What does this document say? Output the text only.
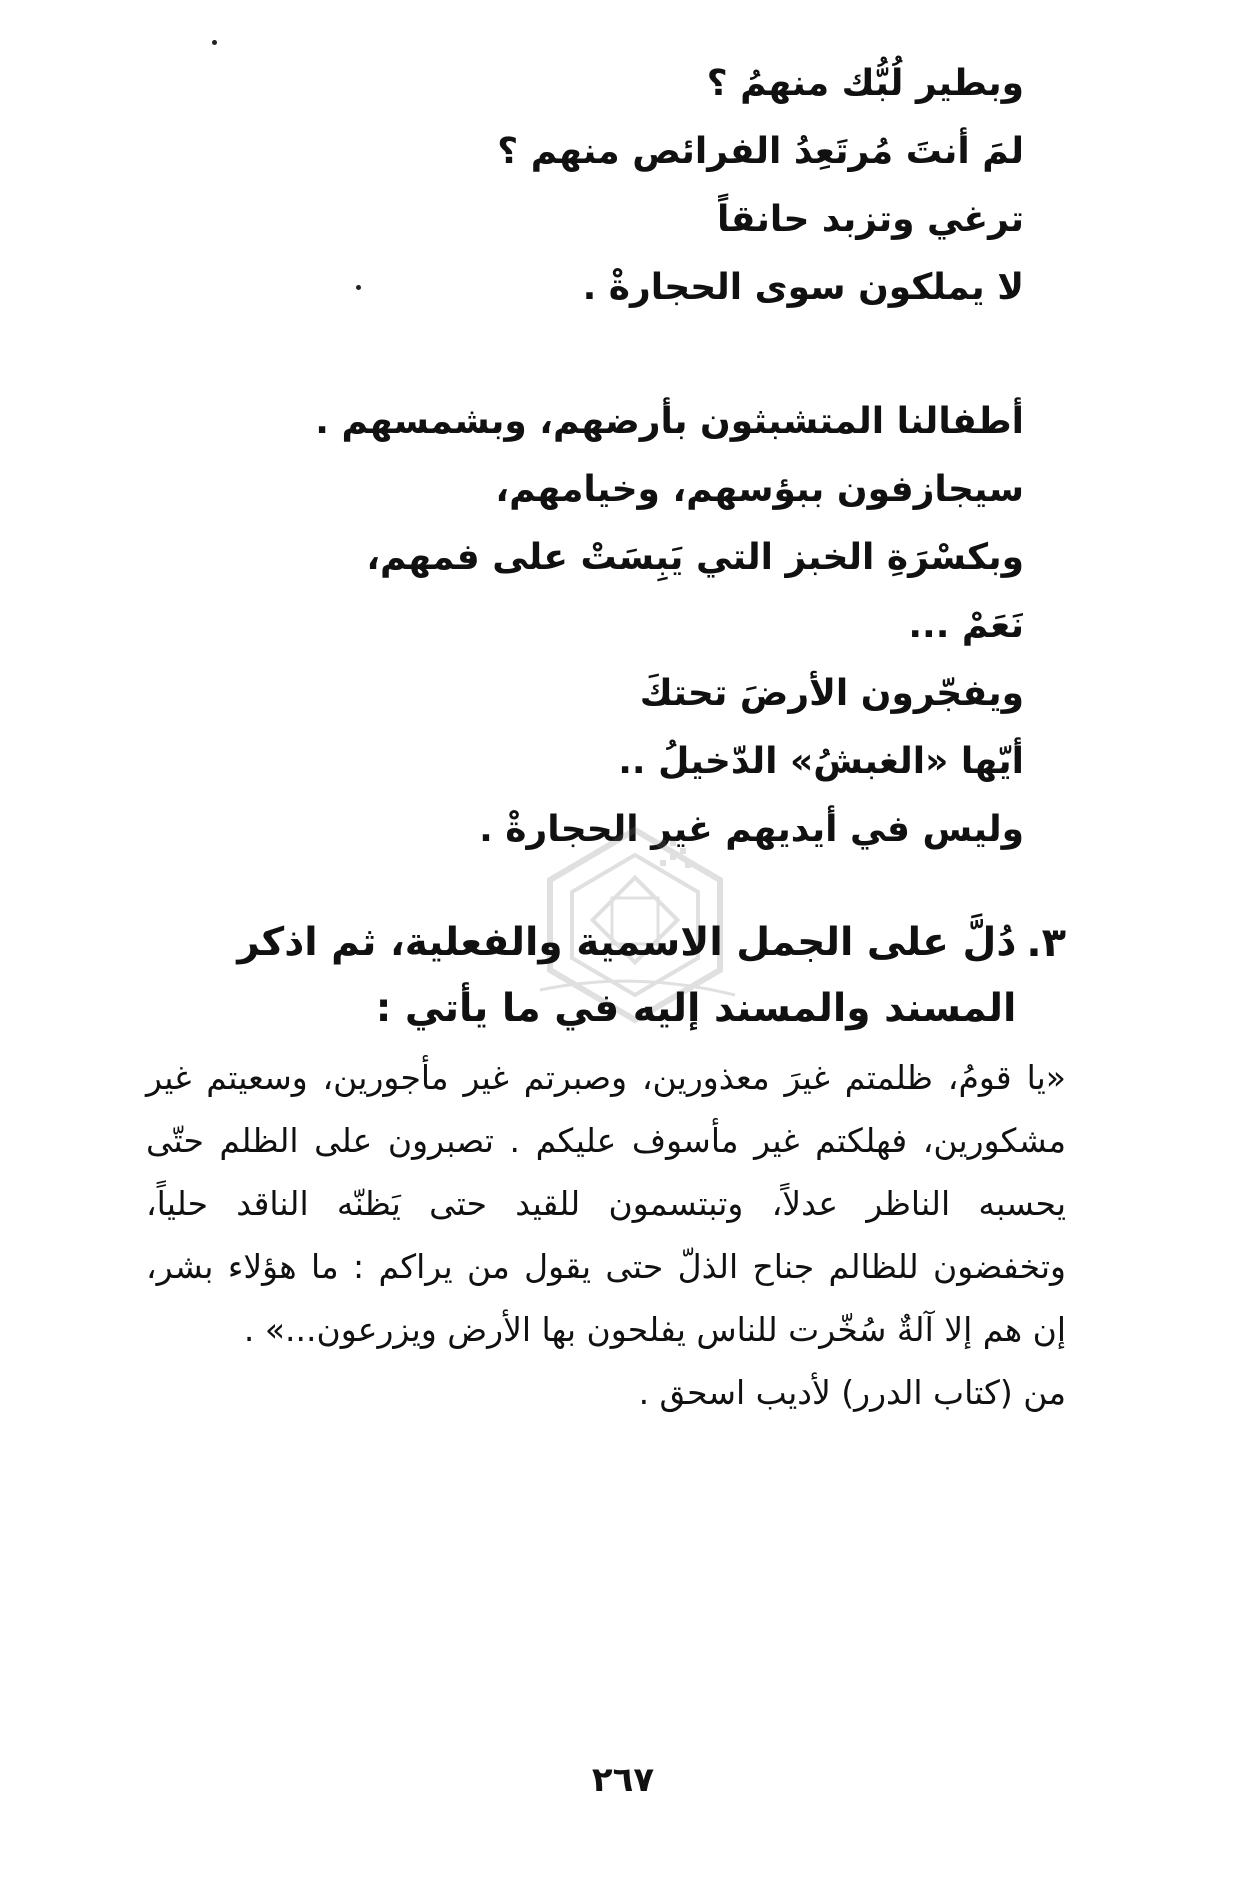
وبطير لُبُّك منهمُ ؟
لمَ أنتَ مُرتَعِدُ الفرائص منهم ؟
ترغي وتزبد حانقاً
لا يملكون سوى الحجارةْ .
أطفالنا المتشبثون بأرضهم، وبشمسهم .
سيجازفون ببؤسهم، وخيامهم،
وبكسْرَةِ الخبز التي يَبِسَتْ على فمهم،
نَعَمْ ...
ويفجّرون الأرضَ تحتكَ
أيّها «الغبشُ» الدّخيلُ ..
وليس في أيديهم غير الحجارةْ .
٣.

دُلَّ على الجمل الاسمية والفعلية، ثم اذكر المسند والمسند إليه في ما يأتي :

«يا قومُ، ظلمتم غيرَ معذورين، وصبرتم غير مأجورين، وسعيتم غير مشكورين، فهلكتم غير مأسوف عليكم . تصبرون على الظلم حتّى يحسبه الناظر عدلاً، وتبتسمون للقيد حتى يَظنّه الناقد حلياً، وتخفضون للظالم جناح الذلّ حتى يقول من يراكم : ما هؤلاء بشر، إن هم إلا آلةٌ سُخّرت للناس يفلحون بها الأرض ويزرعون...» .

من (كتاب الدرر) لأديب اسحق .

٢٦٧
